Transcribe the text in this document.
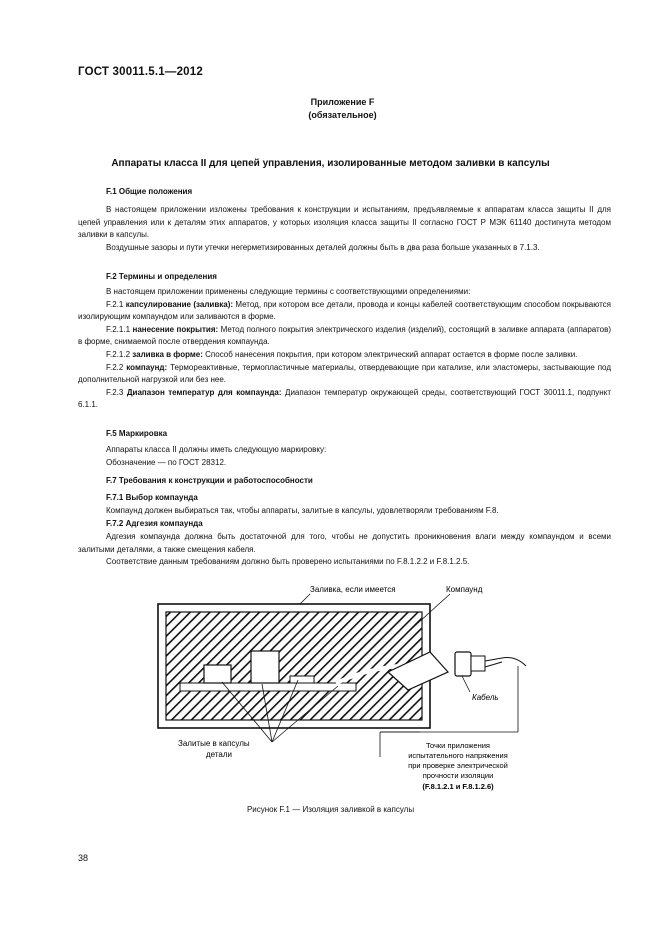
ГОСТ 30011.5.1—2012
Приложение F
(обязательное)
Аппараты класса II для цепей управления, изолированные методом заливки в капсулы
F.1 Общие положения

В настоящем приложении изложены требования к конструкции и испытаниям, предъявляемые к аппаратам класса защиты II для цепей управления или к деталям этих аппаратов, у которых изоляция класса защиты II согласно ГОСТ Р МЭК 61140 достигнута методом заливки в капсулы.

Воздушные зазоры и пути утечки негерметизированных деталей должны быть в два раза больше указанных в 7.1.3.

F.2 Термины и определения

В настоящем приложении применены следующие термины с соответствующими определениями:

F.2.1 капсулирование (заливка): Метод, при котором все детали, провода и концы кабелей соответствующим способом покрываются изолирующим компаундом или заливаются в форме.

F.2.1.1 нанесение покрытия: Метод полного покрытия электрического изделия (изделий), состоящий в заливке аппарата (аппаратов) в форме, снимаемой после отвердения компаунда.

F.2.1.2 заливка в форме: Способ нанесения покрытия, при котором электрический аппарат остается в форме после заливки.

F.2.2 компаунд: Термореактивные, термопластичные материалы, отвердевающие при катализе, или эластомеры, застывающие под дополнительной нагрузкой или без нее.

F.2.3 Диапазон температур для компаунда: Диапазон температур окружающей среды, соответствующий ГОСТ 30011.1, подпункт 6.1.1.

F.5 Маркировка

Аппараты класса II должны иметь следующую маркировку:

Обозначение — по ГОСТ 28312.

F.7 Требования к конструкции и работоспособности
F.7.1 Выбор компаунда

Компаунд должен выбираться так, чтобы аппараты, залитые в капсулы, удовлетворяли требованиям F.8.

F.7.2 Адгезия компаунда

Адгезия компаунда должна быть достаточной для того, чтобы не допустить проникновения влаги между компаундом и всеми залитыми деталями, а также смещения кабеля.

Соответствие данным требованиям должно быть проверено испытаниями по F.8.1.2.2 и F.8.1.2.5.

Заливка, если имеется	Компаунд
Кабель
Залитые в капсулы
детали
Точки приложения
испытательного напряжения
при проверке электрической
прочности изоляции
(F.8.1.2.1 и F.8.1.2.6)
Рисунок F.1 — Изоляция заливкой в капсулы
38
